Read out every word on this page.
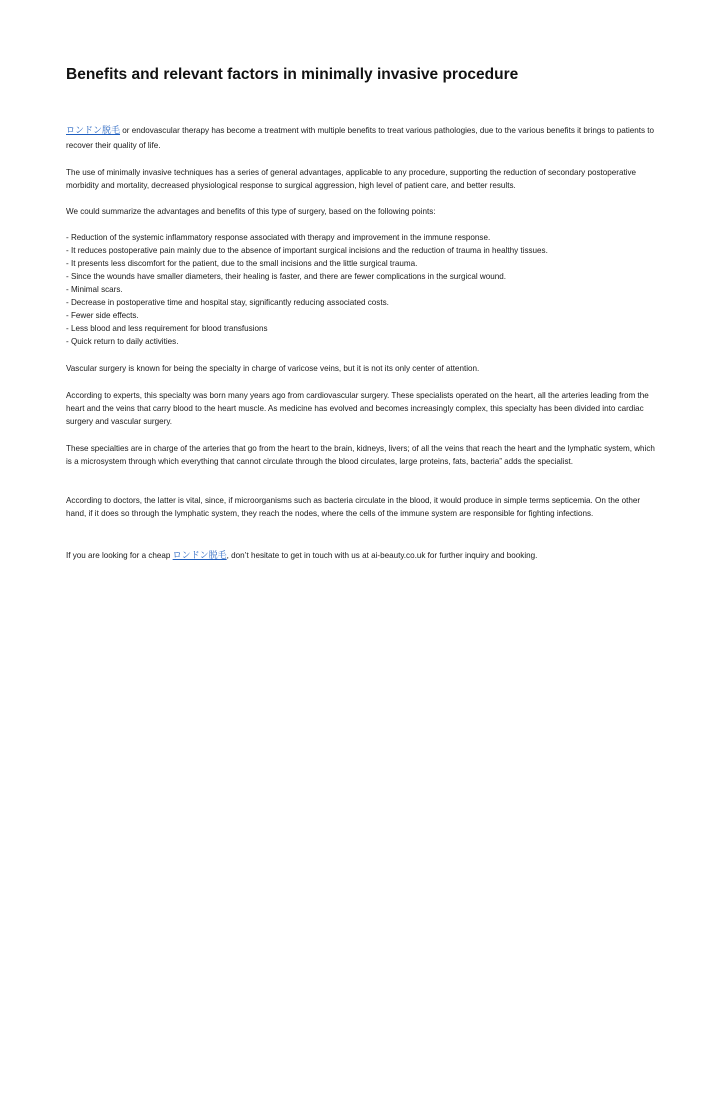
Benefits and relevant factors in minimally invasive procedure

ロンドン脱毛 or endovascular therapy has become a treatment with multiple benefits to treat various pathologies, due to the various benefits it brings to patients to recover their quality of life.

The use of minimally invasive techniques has a series of general advantages, applicable to any procedure, supporting the reduction of secondary postoperative morbidity and mortality, decreased physiological response to surgical aggression, high level of patient care, and better results.

We could summarize the advantages and benefits of this type of surgery, based on the following points:

- Reduction of the systemic inflammatory response associated with therapy and improvement in the immune response.
- It reduces postoperative pain mainly due to the absence of important surgical incisions and the reduction of trauma in healthy tissues.
- It presents less discomfort for the patient, due to the small incisions and the little surgical trauma.
- Since the wounds have smaller diameters, their healing is faster, and there are fewer complications in the surgical wound.
- Minimal scars.
- Decrease in postoperative time and hospital stay, significantly reducing associated costs.
- Fewer side effects.
- Less blood and less requirement for blood transfusions
- Quick return to daily activities.

Vascular surgery is known for being the specialty in charge of varicose veins, but it is not its only center of attention.

According to experts, this specialty was born many years ago from cardiovascular surgery. These specialists operated on the heart, all the arteries leading from the heart and the veins that carry blood to the heart muscle. As medicine has evolved and becomes increasingly complex, this specialty has been divided into cardiac surgery and vascular surgery.

These specialties are in charge of the arteries that go from the heart to the brain, kidneys, livers; of all the veins that reach the heart and the lymphatic system, which is a microsystem through which everything that cannot circulate through the blood circulates, large proteins, fats, bacteria” adds the specialist.

According to doctors, the latter is vital, since, if microorganisms such as bacteria circulate in the blood, it would produce in simple terms septicemia. On the other hand, if it does so through the lymphatic system, they reach the nodes, where the cells of the immune system are responsible for fighting infections.

If you are looking for a cheap ロンドン脱毛, don’t hesitate to get in touch with us at ai-beauty.co.uk for further inquiry and booking.
